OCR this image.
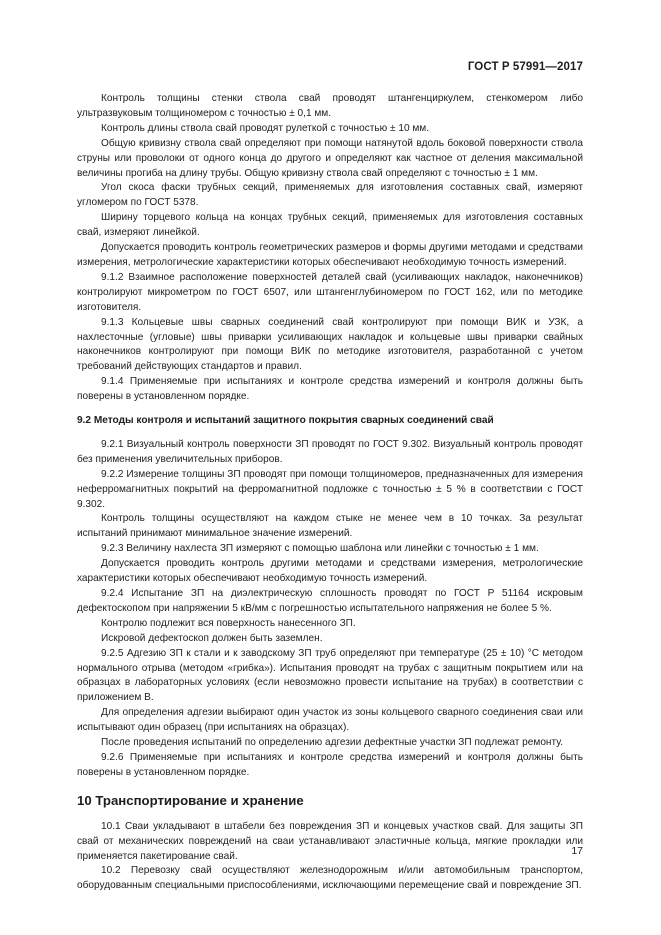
ГОСТ Р 57991—2017

Контроль толщины стенки ствола свай проводят штангенциркулем, стенкомером либо ультразвуковым толщиномером с точностью ± 0,1 мм.

Контроль длины ствола свай проводят рулеткой с точностью ± 10 мм.

Общую кривизну ствола свай определяют при помощи натянутой вдоль боковой поверхности ствола струны или проволоки от одного конца до другого и определяют как частное от деления максимальной величины прогиба на длину трубы. Общую кривизну ствола свай определяют с точностью ± 1 мм.

Угол скоса фаски трубных секций, применяемых для изготовления составных свай, измеряют угломером по ГОСТ 5378.

Ширину торцевого кольца на концах трубных секций, применяемых для изготовления составных свай, измеряют линейкой.

Допускается проводить контроль геометрических размеров и формы другими методами и средствами измерения, метрологические характеристики которых обеспечивают необходимую точность измерений.

9.1.2 Взаимное расположение поверхностей деталей свай (усиливающих накладок, наконечников) контролируют микрометром по ГОСТ 6507, или штангенглубиномером по ГОСТ 162, или по методике изготовителя.

9.1.3 Кольцевые швы сварных соединений свай контролируют при помощи ВИК и УЗК, а нахлесточные (угловые) швы приварки усиливающих накладок и кольцевые швы приварки свайных наконечников контролируют при помощи ВИК по методике изготовителя, разработанной с учетом требований действующих стандартов и правил.

9.1.4 Применяемые при испытаниях и контроле средства измерений и контроля должны быть поверены в установленном порядке.

9.2 Методы контроля и испытаний защитного покрытия сварных соединений свай

9.2.1 Визуальный контроль поверхности ЗП проводят по ГОСТ 9.302. Визуальный контроль проводят без применения увеличительных приборов.

9.2.2 Измерение толщины ЗП проводят при помощи толщиномеров, предназначенных для измерения неферромагнитных покрытий на ферромагнитной подложке с точностью ± 5 % в соответствии с ГОСТ 9.302.

Контроль толщины осуществляют на каждом стыке не менее чем в 10 точках. За результат испытаний принимают минимальное значение измерений.

9.2.3 Величину нахлеста ЗП измеряют с помощью шаблона или линейки с точностью ± 1 мм.

Допускается проводить контроль другими методами и средствами измерения, метрологические характеристики которых обеспечивают необходимую точность измерений.

9.2.4 Испытание ЗП на диэлектрическую сплошность проводят по ГОСТ Р 51164 искровым дефектоскопом при напряжении 5 кВ/мм с погрешностью испытательного напряжения не более 5 %.

Контролю подлежит вся поверхность нанесенного ЗП.

Искровой дефектоскоп должен быть заземлен.

9.2.5 Адгезию ЗП к стали и к заводскому ЗП труб определяют при температуре (25 ± 10) °С методом нормального отрыва (методом «грибка»). Испытания проводят на трубах с защитным покрытием или на образцах в лабораторных условиях (если невозможно провести испытание на трубах) в соответствии с приложением В.

Для определения адгезии выбирают один участок из зоны кольцевого сварного соединения сваи или испытывают один образец (при испытаниях на образцах).

После проведения испытаний по определению адгезии дефектные участки ЗП подлежат ремонту.

9.2.6 Применяемые при испытаниях и контроле средства измерений и контроля должны быть поверены в установленном порядке.

10 Транспортирование и хранение

10.1 Сваи укладывают в штабели без повреждения ЗП и концевых участков свай. Для защиты ЗП свай от механических повреждений на сваи устанавливают эластичные кольца, мягкие прокладки или применяется пакетирование свай.

10.2 Перевозку свай осуществляют железнодорожным и/или автомобильным транспортом, оборудованным специальными приспособлениями, исключающими перемещение свай и повреждение ЗП.

17
